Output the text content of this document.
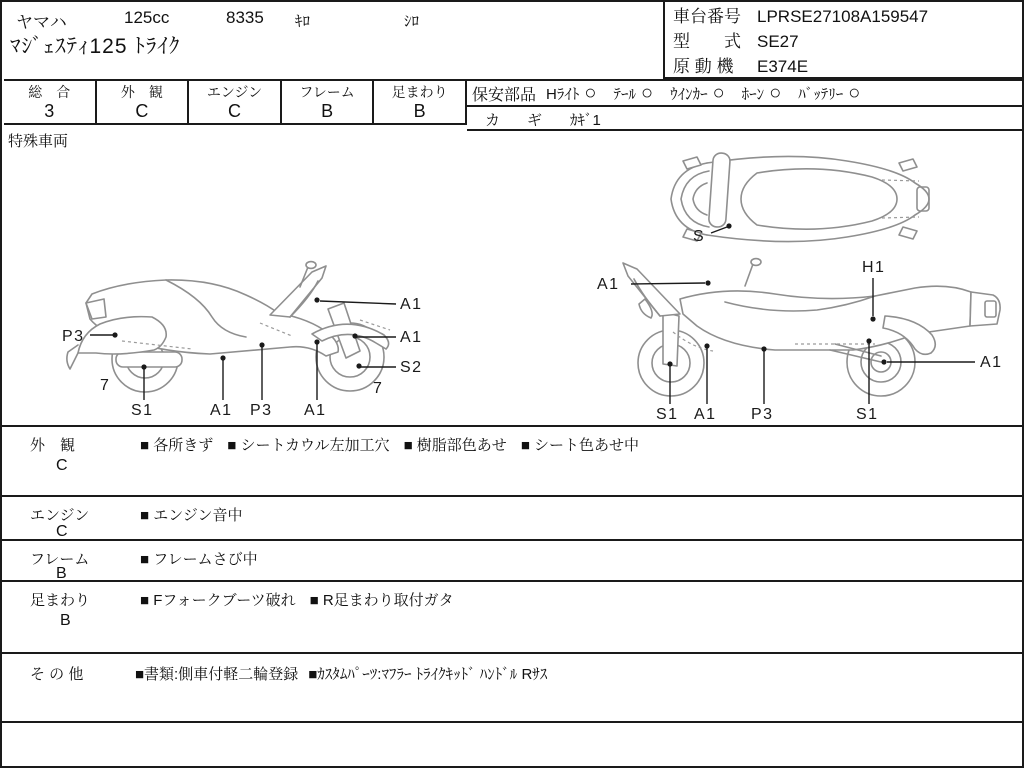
ヤマハ	125cc	8335 ｷﾛ	ｼﾛ
ﾏｼﾞｪｽﾃｨ125 ﾄﾗｲｸ
車台番号 LPRSE27108A159547
型　　式 SE27
原 動 機	E374E
総　合
3
外　観
C
エンジン
C
フレーム
B
足まわり
B
保安部品 Hﾗｲﾄ ○ ﾃｰﾙ ○ ｳｲﾝｶｰ ○ ﾎｰﾝ ○ ﾊﾞｯﾃﾘｰ ○
カ　ギ ｶｷﾞ1
特殊車両
S
P3
7
S1	A1 P3 A1
A1
A1
S2
7
A1
H1
S1 A1 P3	S1
A1
外　観
C
■ 各所きず ■ シートカウル左加工穴 ■ 樹脂部色あせ ■ シート色あせ中
エンジン
C
■ エンジン音中
フレーム
B
■ フレームさび中
足まわり
B
■ Fフォークブーツ破れ ■ R足まわり取付ガタ
そ の 他	■書類:側車付軽二輪登録 ■ｶｽﾀﾑﾊﾟｰﾂ:ﾏﾌﾗｰ ﾄﾗｲｸｷｯﾄﾞ ﾊﾝﾄﾞﾙ Rｻｽ
